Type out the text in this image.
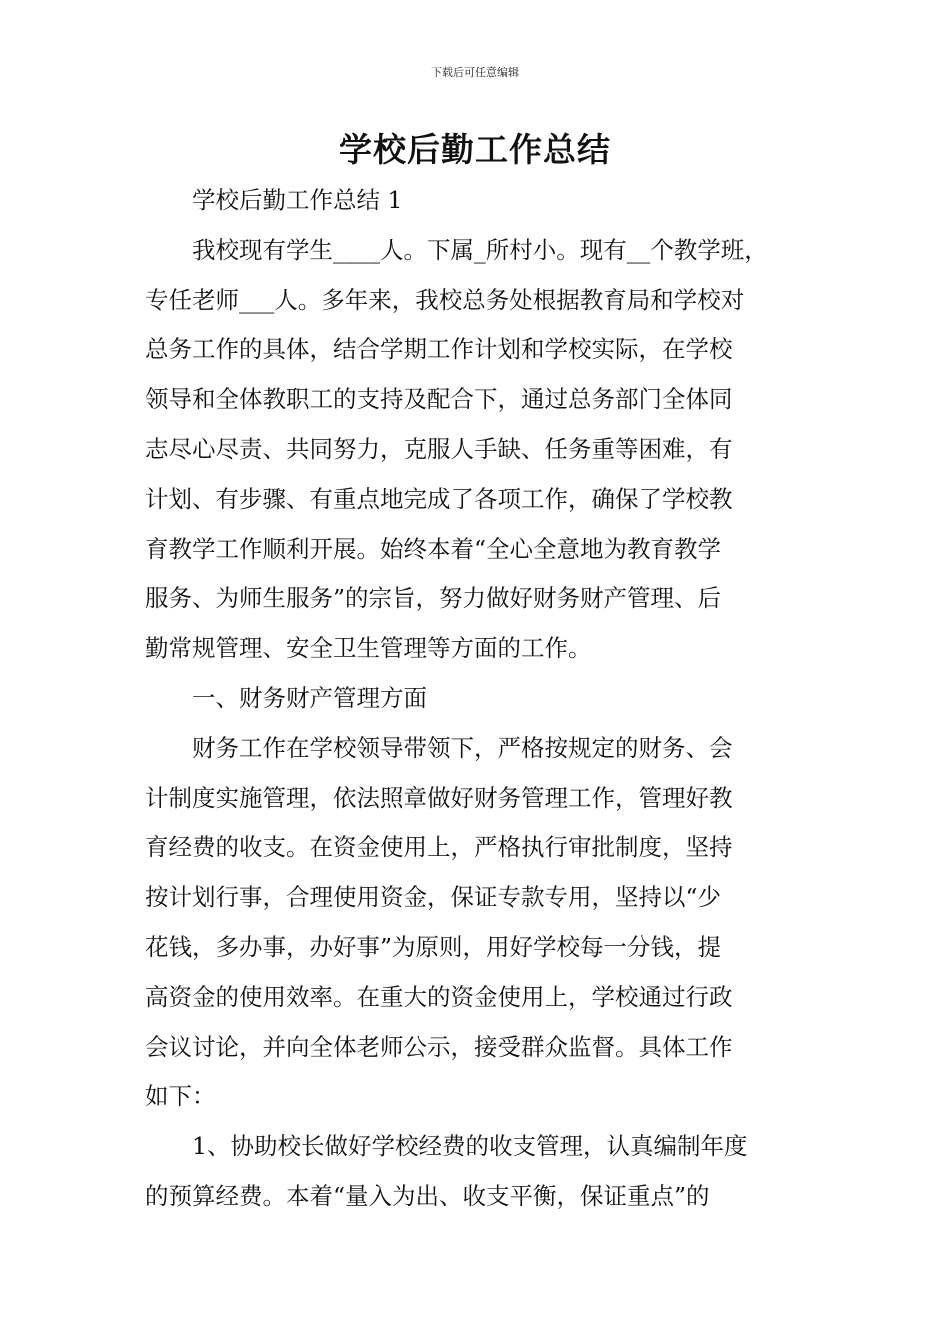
下载后可任意编辑
学校后勤工作总结

学校后勤工作总结 1

我校现有学生____人。下属_所村小。现有__个教学班，
专任老师___人。多年来，我校总务处根据教育局和学校对
总务工作的具体，结合学期工作计划和学校实际，在学校
领导和全体教职工的支持及配合下，通过总务部门全体同
志尽心尽责、共同努力，克服人手缺、任务重等困难，有
计划、有步骤、有重点地完成了各项工作，确保了学校教
育教学工作顺利开展。始终本着“全心全意地为教育教学
服务、为师生服务”的宗旨，努力做好财务财产管理、后
勤常规管理、安全卫生管理等方面的工作。

一、财务财产管理方面

财务工作在学校领导带领下，严格按规定的财务、会
计制度实施管理，依法照章做好财务管理工作，管理好教
育经费的收支。在资金使用上，严格执行审批制度，坚持
按计划行事，合理使用资金，保证专款专用，坚持以“少
花钱，多办事，办好事”为原则，用好学校每一分钱，提
高资金的使用效率。在重大的资金使用上，学校通过行政
会议讨论，并向全体老师公示，接受群众监督。具体工作
如下：

1、协助校长做好学校经费的收支管理，认真编制年度
的预算经费。本着“量入为出、收支平衡，保证重点”的
